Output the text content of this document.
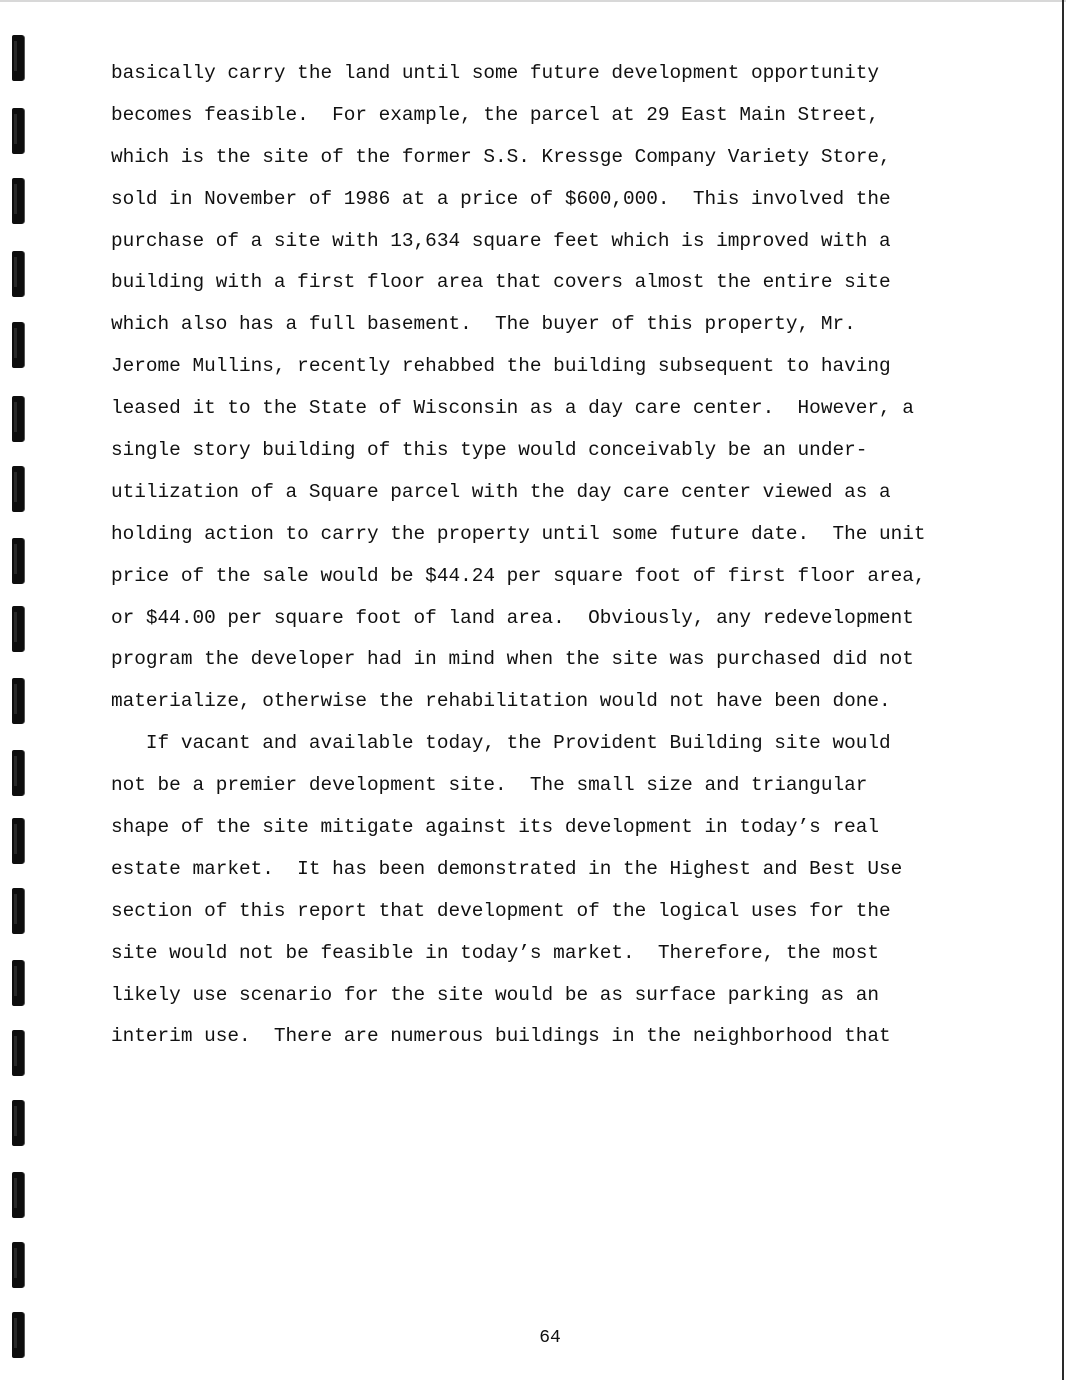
basically carry the land until some future development opportunity
becomes feasible.  For example, the parcel at 29 East Main Street,
which is the site of the former S.S. Kressge Company Variety Store,
sold in November of 1986 at a price of $600,000.  This involved the
purchase of a site with 13,634 square feet which is improved with a
building with a first floor area that covers almost the entire site
which also has a full basement.  The buyer of this property, Mr.
Jerome Mullins, recently rehabbed the building subsequent to having
leased it to the State of Wisconsin as a day care center.  However, a
single story building of this type would conceivably be an under-
utilization of a Square parcel with the day care center viewed as a
holding action to carry the property until some future date.  The unit
price of the sale would be $44.24 per square foot of first floor area,
or $44.00 per square foot of land area.  Obviously, any redevelopment
program the developer had in mind when the site was purchased did not
materialize, otherwise the rehabilitation would not have been done.
If vacant and available today, the Provident Building site would
not be a premier development site.  The small size and triangular
shape of the site mitigate against its development in today’s real
estate market.  It has been demonstrated in the Highest and Best Use
section of this report that development of the logical uses for the
site would not be feasible in today’s market.  Therefore, the most
likely use scenario for the site would be as surface parking as an
interim use.  There are numerous buildings in the neighborhood that
64
